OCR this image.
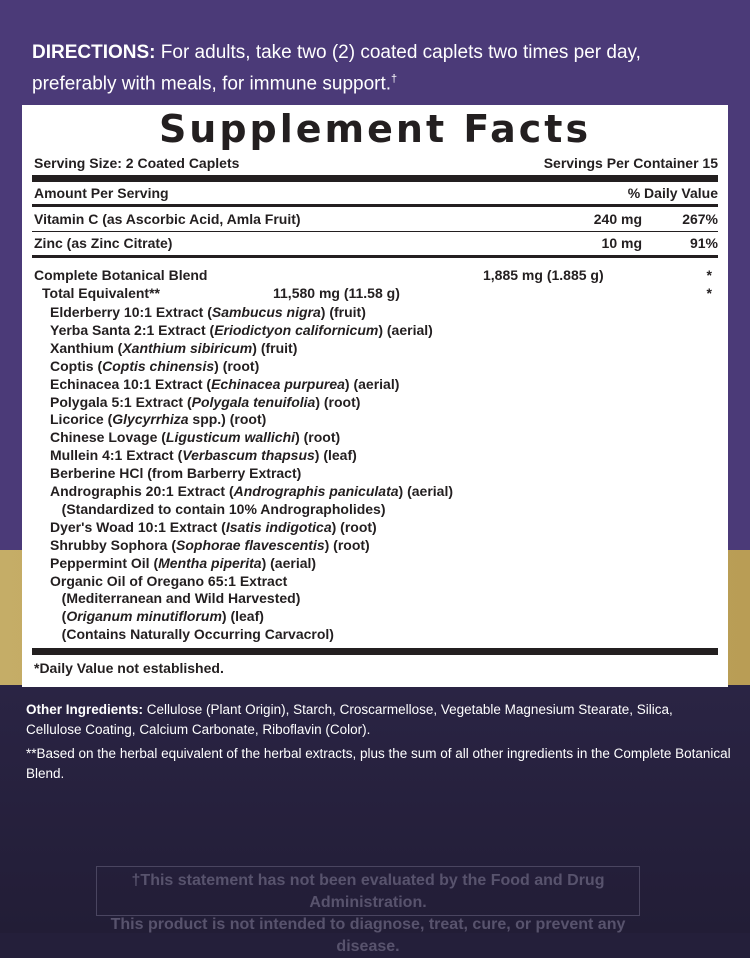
DIRECTIONS: For adults, take two (2) coated caplets two times per day, preferably with meals, for immune support.†
Supplement Facts
Serving Size: 2 Coated Caplets	Servings Per Container 15
Amount Per Serving	% Daily Value
Vitamin C (as Ascorbic Acid, Amla Fruit)	240 mg	267%
Zinc (as Zinc Citrate)	10 mg	91%
Complete Botanical Blend	1,885 mg (1.885 g)	*
Total Equivalent**	11,580 mg (11.58 g)	*
Elderberry 10:1 Extract (Sambucus nigra) (fruit)
Yerba Santa 2:1 Extract (Eriodictyon californicum) (aerial)
Xanthium (Xanthium sibiricum) (fruit)
Coptis (Coptis chinensis) (root)
Echinacea 10:1 Extract (Echinacea purpurea) (aerial)
Polygala 5:1 Extract (Polygala tenuifolia) (root)
Licorice (Glycyrrhiza spp.) (root)
Chinese Lovage (Ligusticum wallichi) (root)
Mullein 4:1 Extract (Verbascum thapsus) (leaf)
Berberine HCl (from Barberry Extract)
Andrographis 20:1 Extract (Andrographis paniculata) (aerial)
(Standardized to contain 10% Andrographolides)
Dyer's Woad 10:1 Extract (Isatis indigotica) (root)
Shrubby Sophora (Sophorae flavescentis) (root)
Peppermint Oil (Mentha piperita) (aerial)
Organic Oil of Oregano 65:1 Extract
(Mediterranean and Wild Harvested)
(Origanum minutiflorum) (leaf)
(Contains Naturally Occurring Carvacrol)
*Daily Value not established.
Other Ingredients: Cellulose (Plant Origin), Starch, Croscarmellose, Vegetable Magnesium Stearate, Silica, Cellulose Coating, Calcium Carbonate, Riboflavin (Color).
**Based on the herbal equivalent of the herbal extracts, plus the sum of all other ingredients in the Complete Botanical Blend.
†This statement has not been evaluated by the Food and Drug Administration.
This product is not intended to diagnose, treat, cure, or prevent any disease.
